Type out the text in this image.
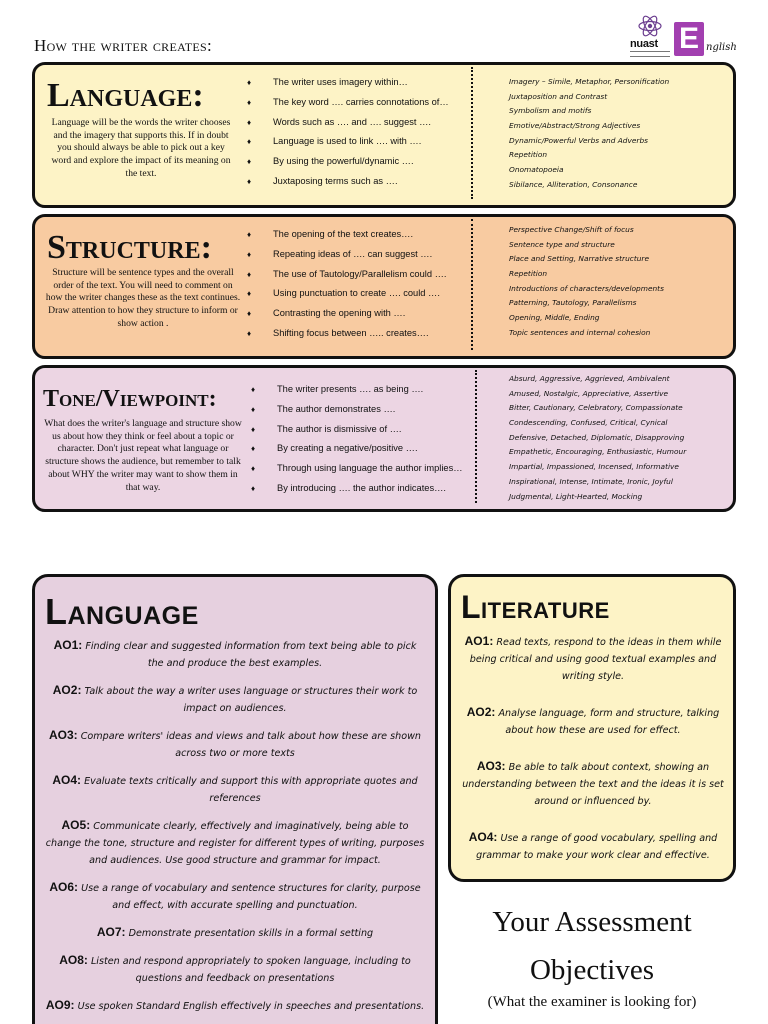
How the writer creates:	nuast E nglish
Language:

Language will be the words the writer chooses and the imagery that supports this. If in doubt you should always be able to pick out a key word and explore the impact of its meaning on the text.

♦ The writer uses imagery within…
♦ The key word …. carries connotations of…
♦ Words such as …. and …. suggest ….
♦ Language is used to link …. with ….
♦ By using the powerful/dynamic ….
♦ Juxtaposing terms such as ….
Imagery – Simile, Metaphor, Personification
Juxtaposition and Contrast
Symbolism and motifs
Emotive/Abstract/Strong Adjectives
Dynamic/Powerful Verbs and Adverbs
Repetition
Onomatopoeia
Sibilance, Alliteration, Consonance
Structure:

Structure will be sentence types and the overall order of the text. You will need to comment on how the writer changes these as the text continues. Draw attention to how they structure to inform or show action .

♦ The opening of the text creates….
♦ Repeating ideas of …. can suggest ….
♦ The use of Tautology/Parallelism could ….
♦ Using punctuation to create …. could ….
♦ Contrasting the opening with ….
♦ Shifting focus between ….. creates….
Perspective Change/Shift of focus
Sentence type and structure
Place and Setting, Narrative structure
Repetition
Introductions of characters/developments
Patterning, Tautology, Parallelisms
Opening, Middle, Ending
Topic sentences and internal cohesion
Tone/Viewpoint:

What does the writer's language and structure show us about how they think or feel about a topic or character. Don't just repeat what language or structure shows the audience, but remember to talk about WHY the writer may want to show them in that way.

♦ The writer presents …. as being ….
♦ The author demonstrates ….
♦ The author is dismissive of ….
♦ By creating a negative/positive ….
♦ Through using language the author implies…
♦ By introducing …. the author indicates….
Absurd, Aggressive, Aggrieved, Ambivalent
Amused, Nostalgic, Appreciative, Assertive
Bitter, Cautionary, Celebratory, Compassionate
Condescending, Confused, Critical, Cynical
Defensive, Detached, Diplomatic, Disapproving
Empathetic, Encouraging, Enthusiastic, Humour
Impartial, Impassioned, Incensed, Informative
Inspirational, Intense, Intimate, Ironic, Joyful
Judgmental, Light-Hearted, Mocking
Language
AO1: Finding clear and suggested information from text being able to pick the and produce the best examples.
AO2: Talk about the way a writer uses language or structures their work to impact on audiences.
AO3: Compare writers' ideas and views and talk about how these are shown across two or more texts
AO4: Evaluate texts critically and support this with appropriate quotes and references
AO5: Communicate clearly, effectively and imaginatively, being able to change the tone, structure and register for different types of writing, purposes and audiences. Use good structure and grammar for impact.
AO6: Use a range of vocabulary and sentence structures for clarity, purpose and effect, with accurate spelling and punctuation.
AO7: Demonstrate presentation skills in a formal setting
AO8: Listen and respond appropriately to spoken language, including to questions and feedback on presentations
AO9: Use spoken Standard English effectively in speeches and presentations.
Literature
AO1: Read texts, respond to the ideas in them while being critical and using good textual examples and writing style.
AO2: Analyse language, form and structure, talking about how these are used for effect.
AO3: Be able to talk about context, showing an understanding between the text and the ideas it is set around or influenced by.
AO4: Use a range of good vocabulary, spelling and grammar to make your work clear and effective.
Your Assessment Objectives
(What the examiner is looking for)
